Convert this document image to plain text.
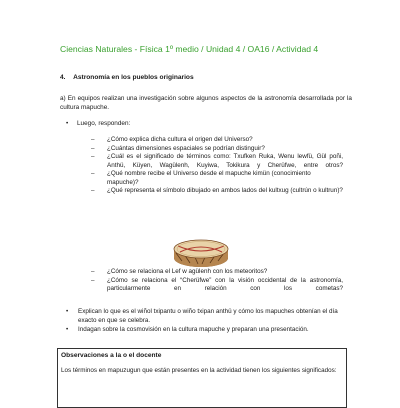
Ciencias Naturales - Física 1º medio / Unidad 4 / OA16 / Actividad 4
4. Astronomía en los pueblos originarios
a) En equipos realizan una investigación sobre algunos aspectos de la astronomía desarrollada por la cultura mapuche.
• Luego, responden:

– ¿Cómo explica dicha cultura el origen del Universo?

– ¿Cuántas dimensiones espaciales se podrían distinguir?

– ¿Cuál es el significado de términos como: Txufken Ruka, Wenu lewfü, Gül poñi, Anthü, Küyen, Wagülenh, Kuyiwa, Tokikura y Cherüfwe, entre otros?

– ¿Qué nombre recibe el Universo desde el mapuche kimün (conocimiento mapuche)?

– ¿Qué representa el símbolo dibujado en ambos lados del kultxug (cultrún o kultrun)?

– ¿Cómo se relaciona el Lef w agülenh con los meteoritos?

– ¿Cómo se relaciona el “Cherüfwe” con la visión occidental de la astronomía, particularmente en relación con los cometas?

• Explican lo que es el wiñol txipantu o wiño txipan anthü y cómo los mapuches obtenían el día exacto en que se celebra.

• Indagan sobre la cosmovisión en la cultura mapuche y preparan una presentación.

Observaciones a la o el docente
Los términos en mapuzugun que están presentes en la actividad tienen los siguientes significados:
